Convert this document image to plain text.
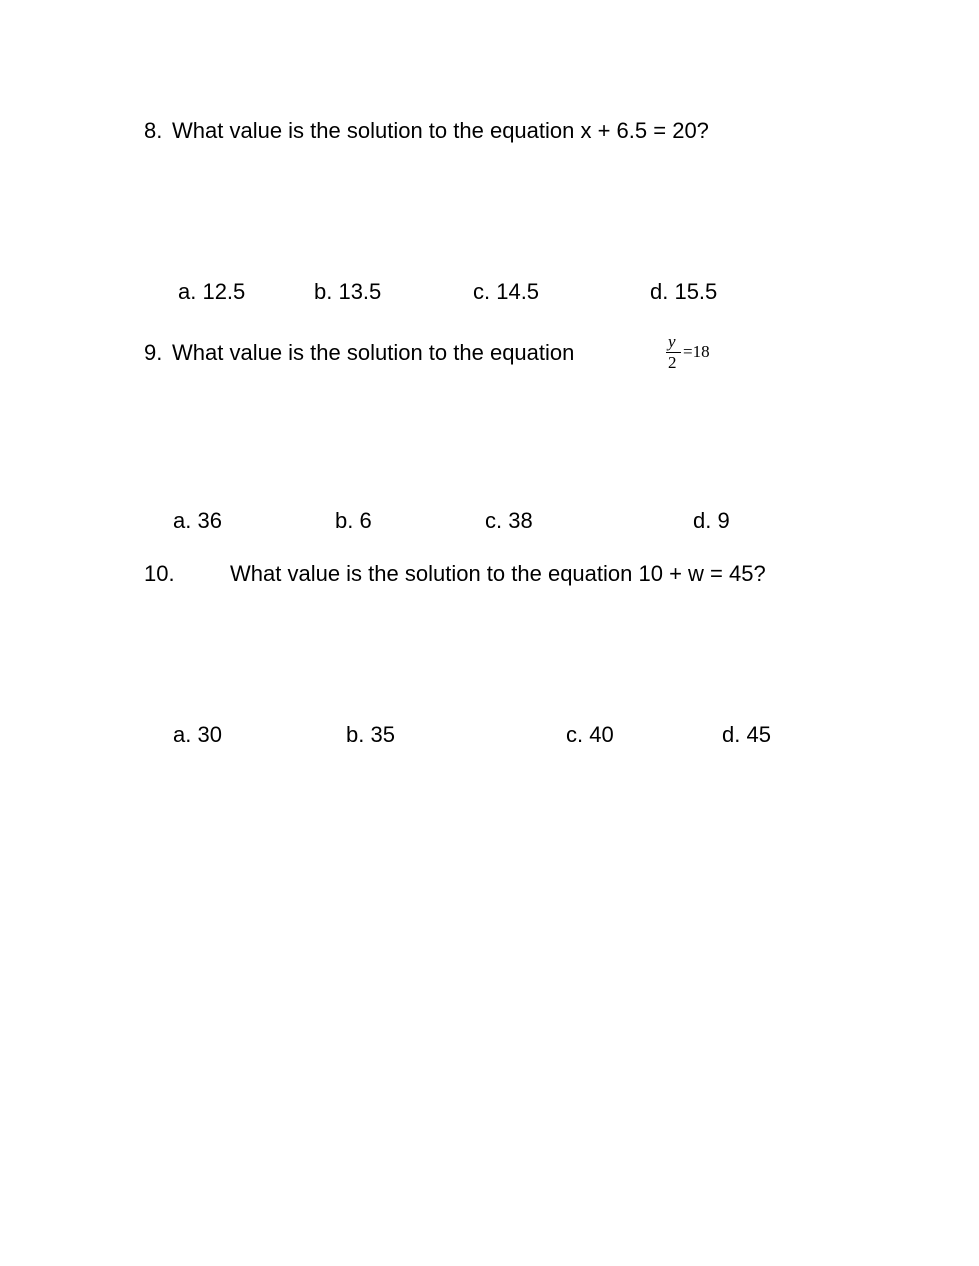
8. What value is the solution to the equation x + 6.5 = 20?
a. 12.5	b. 13.5	c. 14.5	d. 15.5
9. What value is the solution to the equation	y
2
=18
a. 36	b. 6	c. 38	d. 9
10.	What value is the solution to the equation 10 + w = 45?
a. 30	b. 35	c. 40	d. 45
